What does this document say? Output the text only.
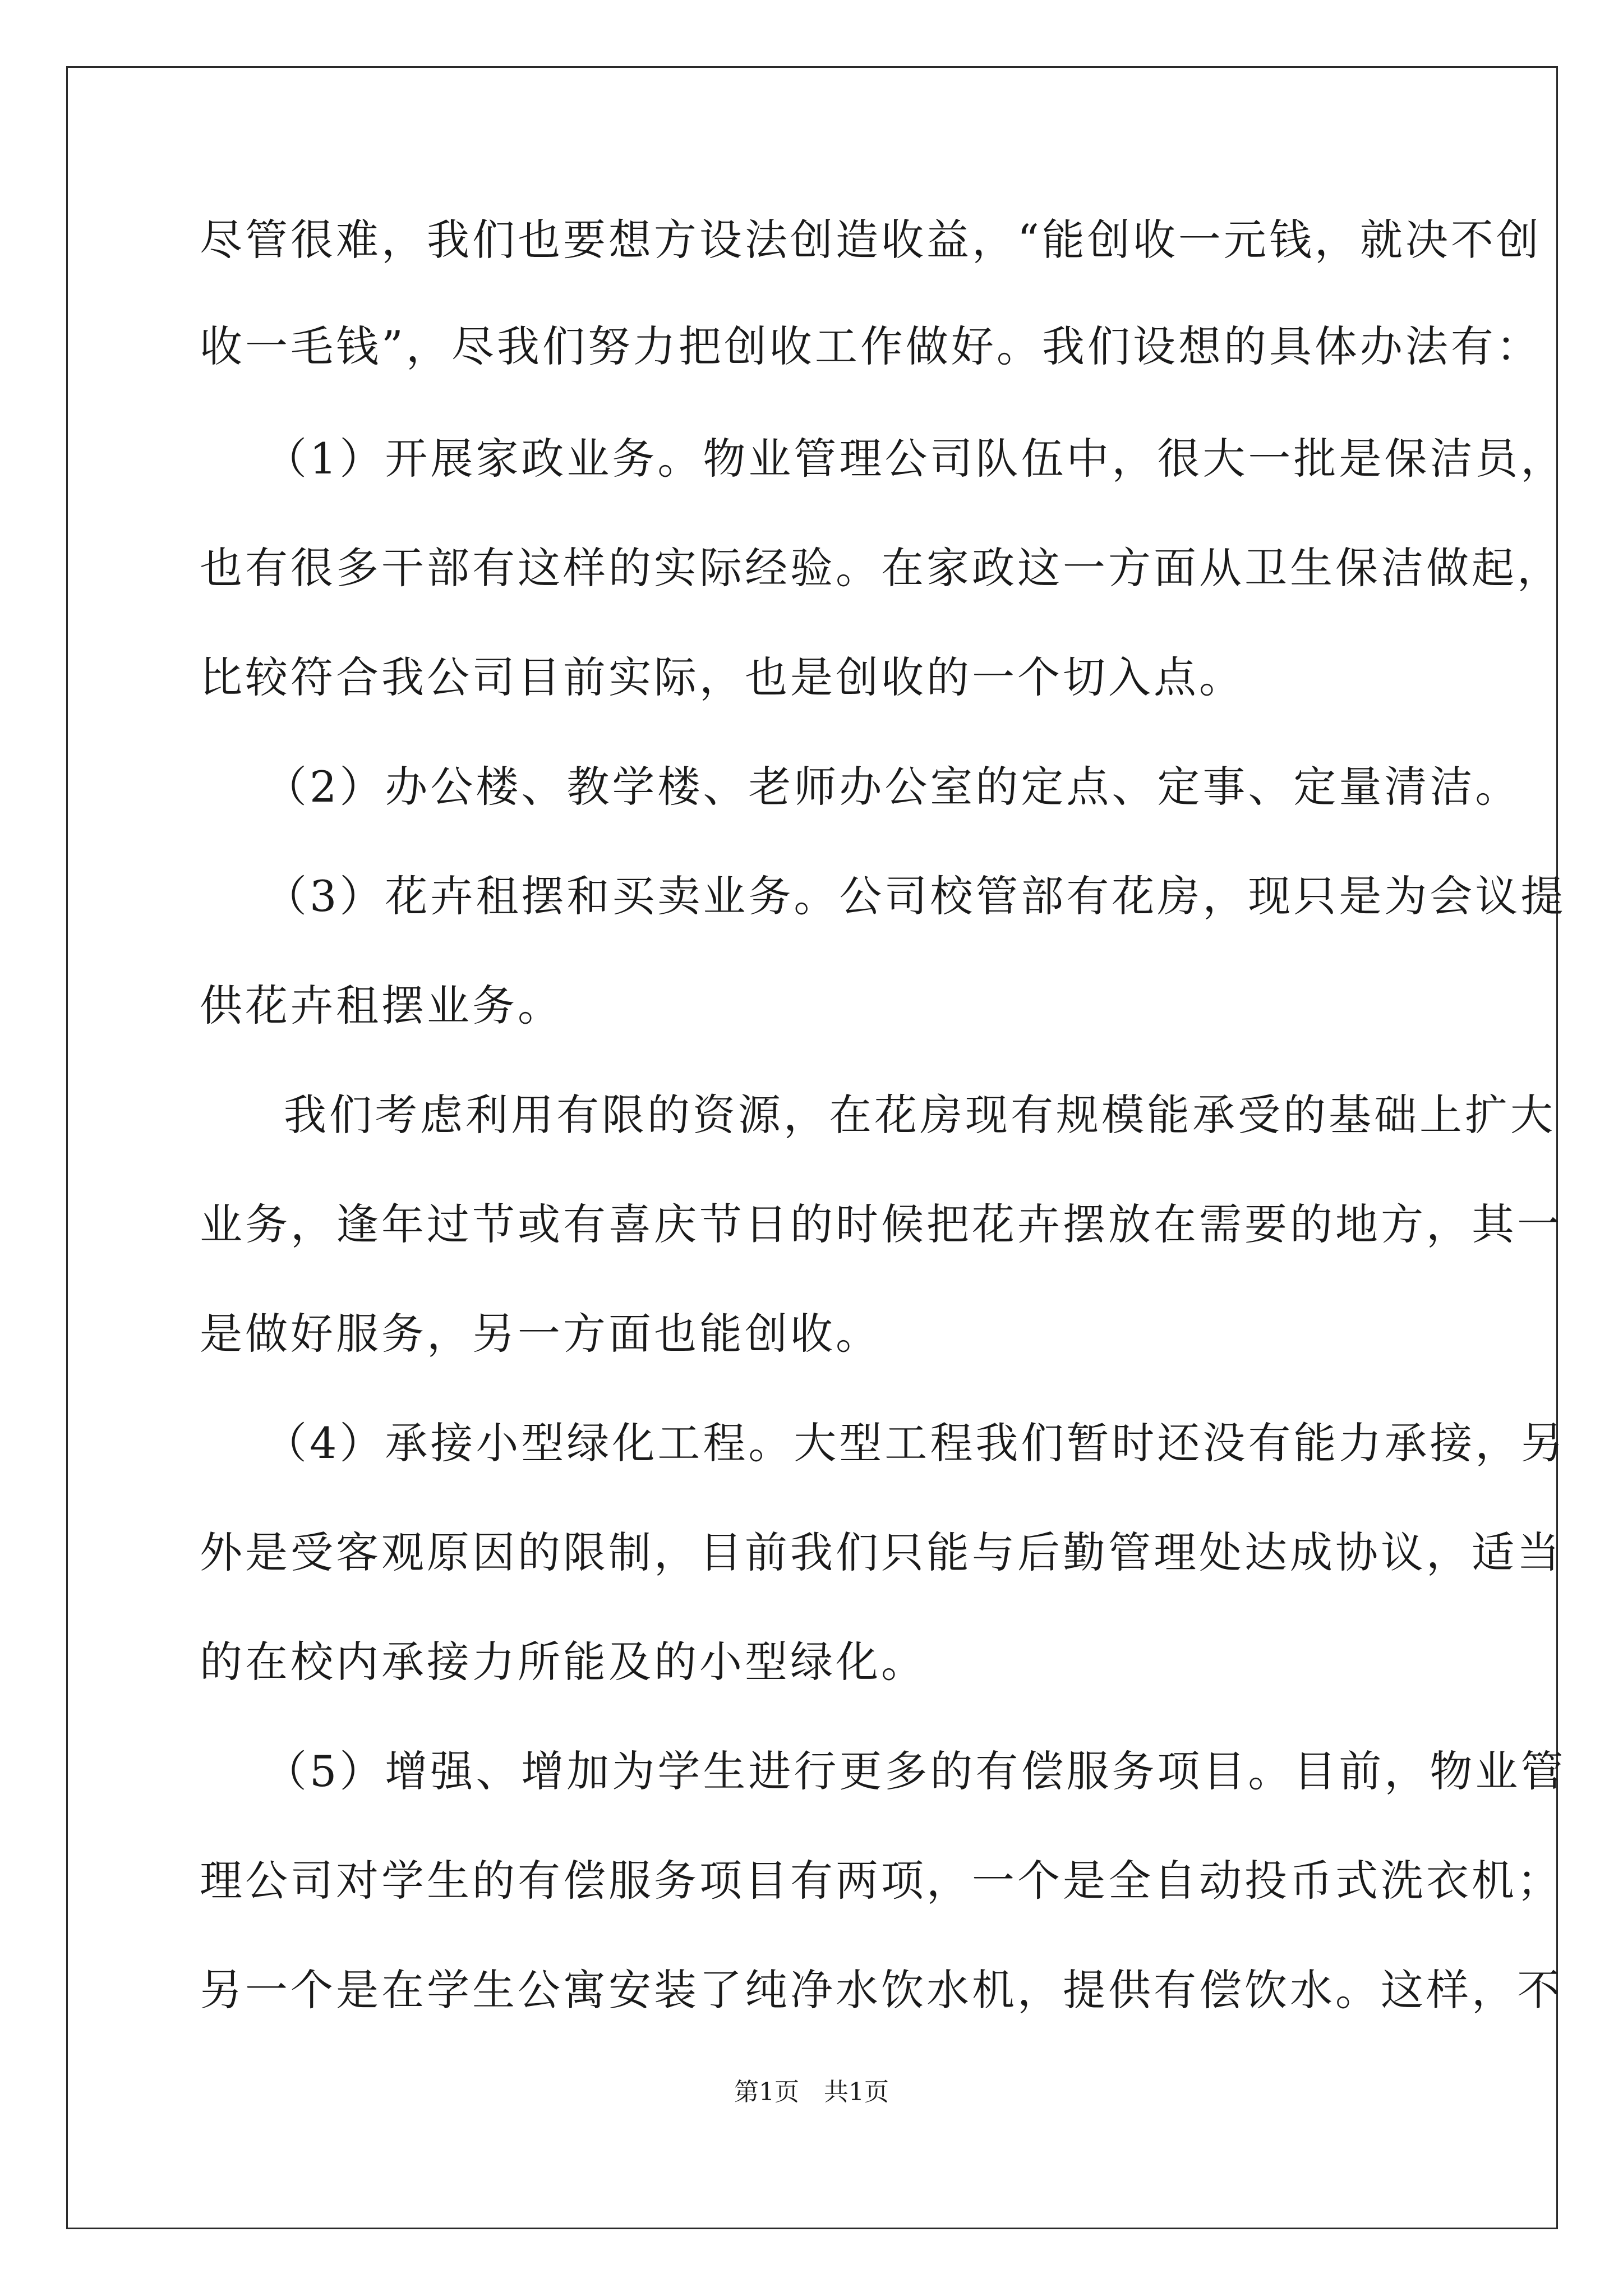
尽管很难，我们也要想方设法创造收益，“能创收一元钱，就决不创
收一毛钱”，尽我们努力把创收工作做好。我们设想的具体办法有：
（1）开展家政业务。物业管理公司队伍中，很大一批是保洁员，
也有很多干部有这样的实际经验。在家政这一方面从卫生保洁做起，
比较符合我公司目前实际，也是创收的一个切入点。
（2）办公楼、教学楼、老师办公室的定点、定事、定量清洁。
（3）花卉租摆和买卖业务。公司校管部有花房，现只是为会议提
供花卉租摆业务。
我们考虑利用有限的资源，在花房现有规模能承受的基础上扩大
业务，逢年过节或有喜庆节日的时候把花卉摆放在需要的地方，其一
是做好服务，另一方面也能创收。
（4）承接小型绿化工程。大型工程我们暂时还没有能力承接，另
外是受客观原因的限制，目前我们只能与后勤管理处达成协议，适当
的在校内承接力所能及的小型绿化。
（5）增强、增加为学生进行更多的有偿服务项目。目前，物业管
理公司对学生的有偿服务项目有两项，一个是全自动投币式洗衣机；
另一个是在学生公寓安装了纯净水饮水机，提供有偿饮水。这样，不
第1页　共1页
